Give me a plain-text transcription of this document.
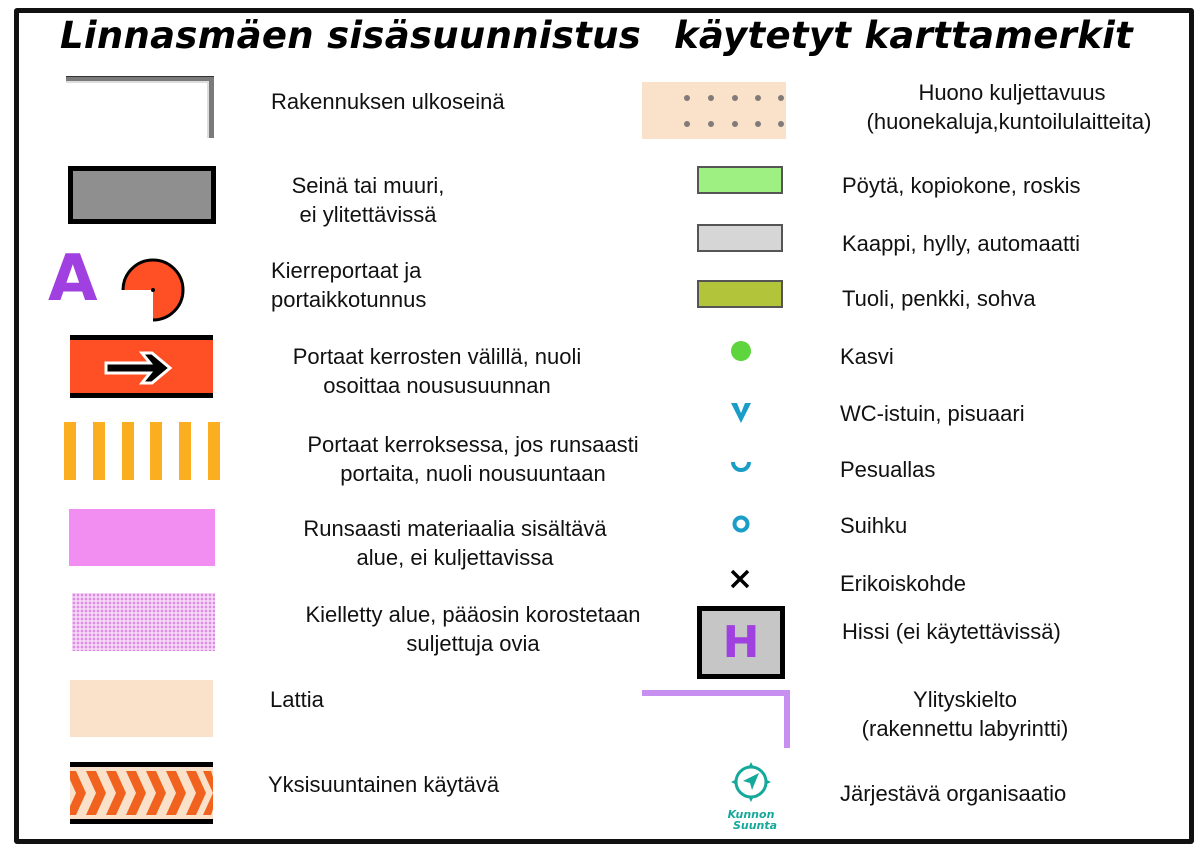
Linnasmäen sisäsuunnistus käytetyt karttamerkit
Rakennuksen ulkoseinä
Seinä tai muuri,
ei ylitettävissä
A	Kierreportaat ja
portaikkotunnus
Portaat kerrosten välillä, nuoli
osoittaa noususuunnan
Portaat kerroksessa, jos runsaasti
portaita, nuoli nousuuntaan
Runsaasti materiaalia sisältävä
alue, ei kuljettavissa
Kielletty alue, pääosin korostetaan
suljettuja ovia
Lattia
Yksisuuntainen käytävä
Huono kuljettavuus
(huonekaluja,kuntoilulaitteita)
Pöytä, kopiokone, roskis
Kaappi, hylly, automaatti
Tuoli, penkki, sohva
Kasvi
WC-istuin, pisuaari
Pesuallas
Suihku
Erikoiskohde
H	Hissi (ei käytettävissä)
Ylityskielto
(rakennettu labyrintti)
Kunnon
Suunta
Järjestävä organisaatio
